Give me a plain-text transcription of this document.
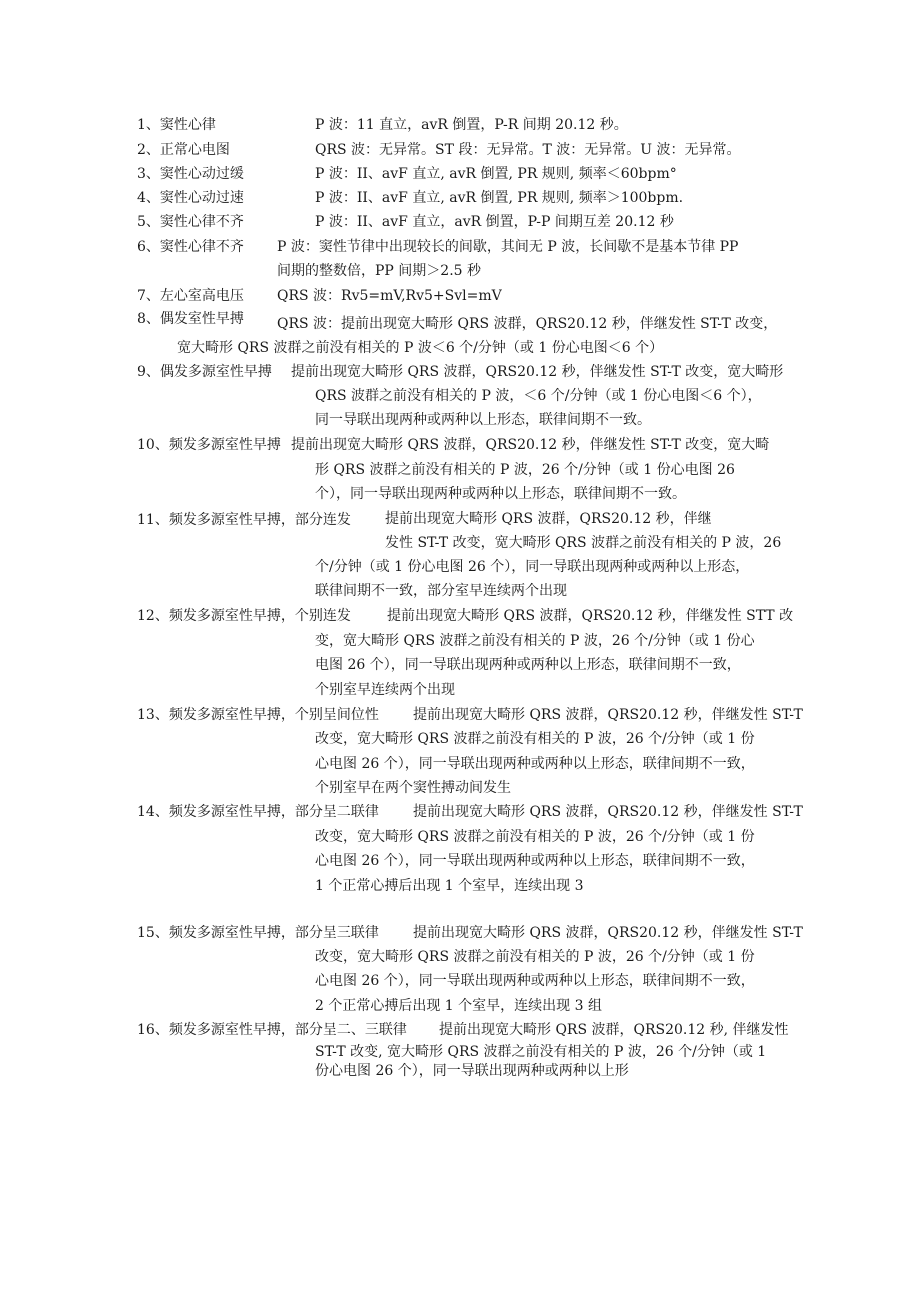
1、窦性心律	P 波：11 直立，avR 倒置，P-R 间期 20.12 秒。
2、正常心电图	QRS 波：无异常。ST 段：无异常。T 波：无异常。U 波：无异常。
3、窦性心动过缓	P 波：II、avF 直立, avR 倒置, PR 规则, 频率＜60bpm°
4、窦性心动过速	P 波：II、avF 直立, avR 倒置, PR 规则, 频率＞100bpm.
5、窦性心律不齐	P 波：II、avF 直立，avR 倒置，P-P 间期互差 20.12 秒
6、窦性心律不齐 P 波：窦性节律中出现较长的间歇，其间无 P 波，长间歇不是基本节律 PP
间期的整数倍，PP 间期＞2.5 秒
7、左心室高电压 QRS 波：Rv5=mV,Rv5+Svl=mV
8、偶发室性早搏 QRS 波：提前出现宽大畸形 QRS 波群，QRS20.12 秒，伴继发性 ST-T 改变，
宽大畸形 QRS 波群之前没有相关的 P 波＜6 个/分钟（或 1 份心电图＜6 个）
9、偶发多源室性早搏 提前出现宽大畸形 QRS 波群，QRS20.12 秒，伴继发性 ST-T 改变，宽大畸形
QRS 波群之前没有相关的 P 波，＜6 个/分钟（或 1 份心电图＜6 个），
同一导联出现两种或两种以上形态，联律间期不一致。
10、频发多源室性早搏 提前出现宽大畸形 QRS 波群，QRS20.12 秒，伴继发性 ST-T 改变，宽大畸
形 QRS 波群之前没有相关的 P 波，26 个/分钟（或 1 份心电图 26
个），同一导联出现两种或两种以上形态，联律间期不一致。
11、频发多源室性早搏，部分连发 提前出现宽大畸形 QRS 波群，QRS20.12 秒，伴继
发性 ST-T 改变，宽大畸形 QRS 波群之前没有相关的 P 波，26
个/分钟（或 1 份心电图 26 个），同一导联出现两种或两种以上形态，
联律间期不一致，部分室早连续两个出现
12、频发多源室性早搏，个别连发	提前出现宽大畸形 QRS 波群，QRS20.12 秒，伴继发性 STT 改
变，宽大畸形 QRS 波群之前没有相关的 P 波，26 个/分钟（或 1 份心
电图 26 个），同一导联出现两种或两种以上形态，联律间期不一致，
个别室早连续两个出现
13、频发多源室性早搏，个别呈间位性 提前出现宽大畸形 QRS 波群，QRS20.12 秒，伴继发性 ST-T
改变，宽大畸形 QRS 波群之前没有相关的 P 波，26 个/分钟（或 1 份
心电图 26 个），同一导联出现两种或两种以上形态，联律间期不一致，
个别室早在两个窦性搏动间发生
14、频发多源室性早搏，部分呈二联律 提前出现宽大畸形 QRS 波群，QRS20.12 秒，伴继发性 ST-T
改变，宽大畸形 QRS 波群之前没有相关的 P 波，26 个/分钟（或 1 份
心电图 26 个），同一导联出现两种或两种以上形态，联律间期不一致，
1 个正常心搏后出现 1 个室早，连续出现 3
15、频发多源室性早搏，部分呈三联律 提前出现宽大畸形 QRS 波群，QRS20.12 秒，伴继发性 ST-T
改变，宽大畸形 QRS 波群之前没有相关的 P 波，26 个/分钟（或 1 份
心电图 26 个），同一导联出现两种或两种以上形态，联律间期不一致，
2 个正常心搏后出现 1 个室早，连续出现 3 组
16、频发多源室性早搏，部分呈二、三联律 提前出现宽大畸形 QRS 波群，QRS20.12 秒, 伴继发性
ST-T 改变, 宽大畸形 QRS 波群之前没有相关的 P 波，26 个/分钟（或 1
份心电图 26 个），同一导联出现两种或两种以上形
